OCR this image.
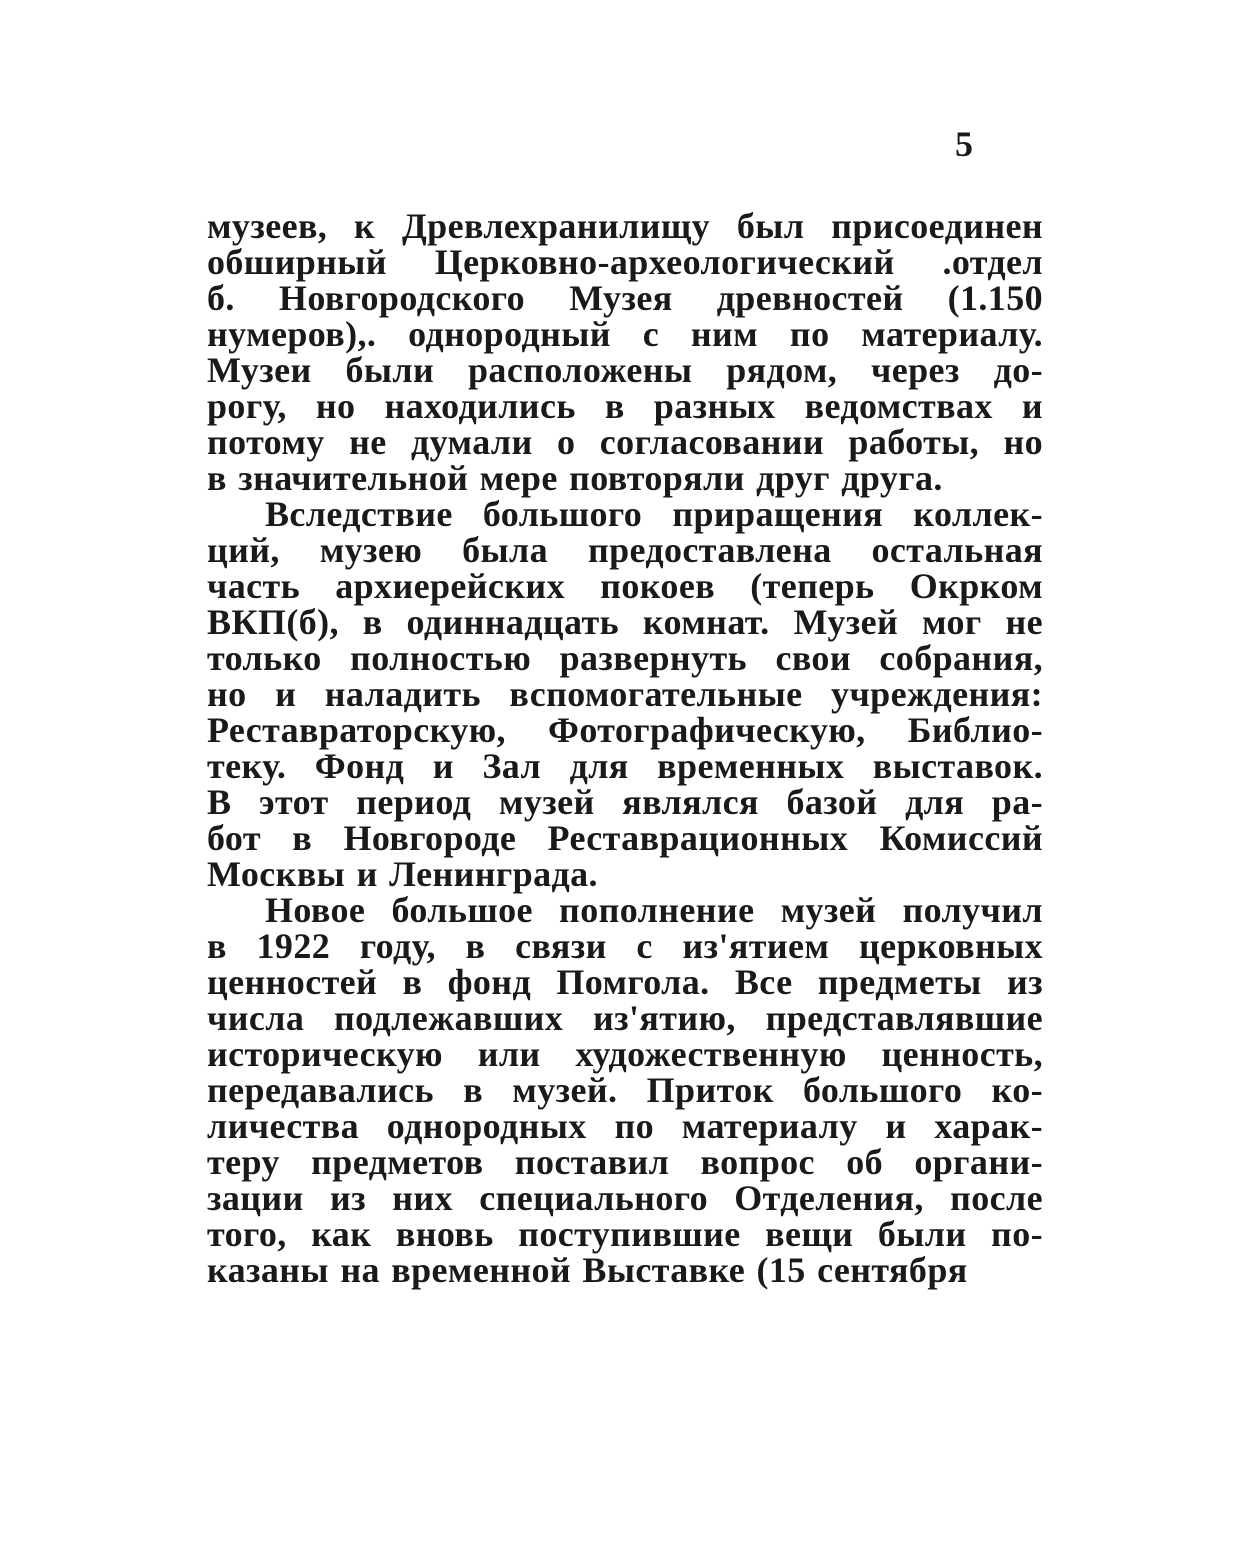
5
музеев, к Древлехранилищу был присоединен
обширный Церковно-археологический .отдел
б. Новгородского Музея древностей (1.150
нумеров),. однородный с ним по материалу.
Музеи были расположены рядом, через до-
рогу, но находились в разных ведомствах и
потому не думали о согласовании работы, но
в значительной мере повторяли друг друга.
Вследствие большого приращения коллек-
ций, музею была предоставлена остальная
часть архиерейских покоев (теперь Окрком
ВКП(б), в одиннадцать комнат. Музей мог не
только полностью развернуть свои собрания,
но и наладить вспомогательные учреждения:
Реставраторскую, Фотографическую, Библио-
теку. Фонд и Зал для временных выставок.
В этот период музей являлся базой для ра-
бот в Новгороде Реставрационных Комиссий
Москвы и Ленинграда.
Новое большое пополнение музей получил
в 1922 году, в связи с из'ятием церковных
ценностей в фонд Помгола. Все предметы из
числа подлежавших из'ятию, представлявшие
историческую или художественную ценность,
передавались в музей. Приток большого ко-
личества однородных по материалу и харак-
теру предметов поставил вопрос об органи-
зации из них специального Отделения, после
того, как вновь поступившие вещи были по-
казаны на временной Выставке (15 сентября
